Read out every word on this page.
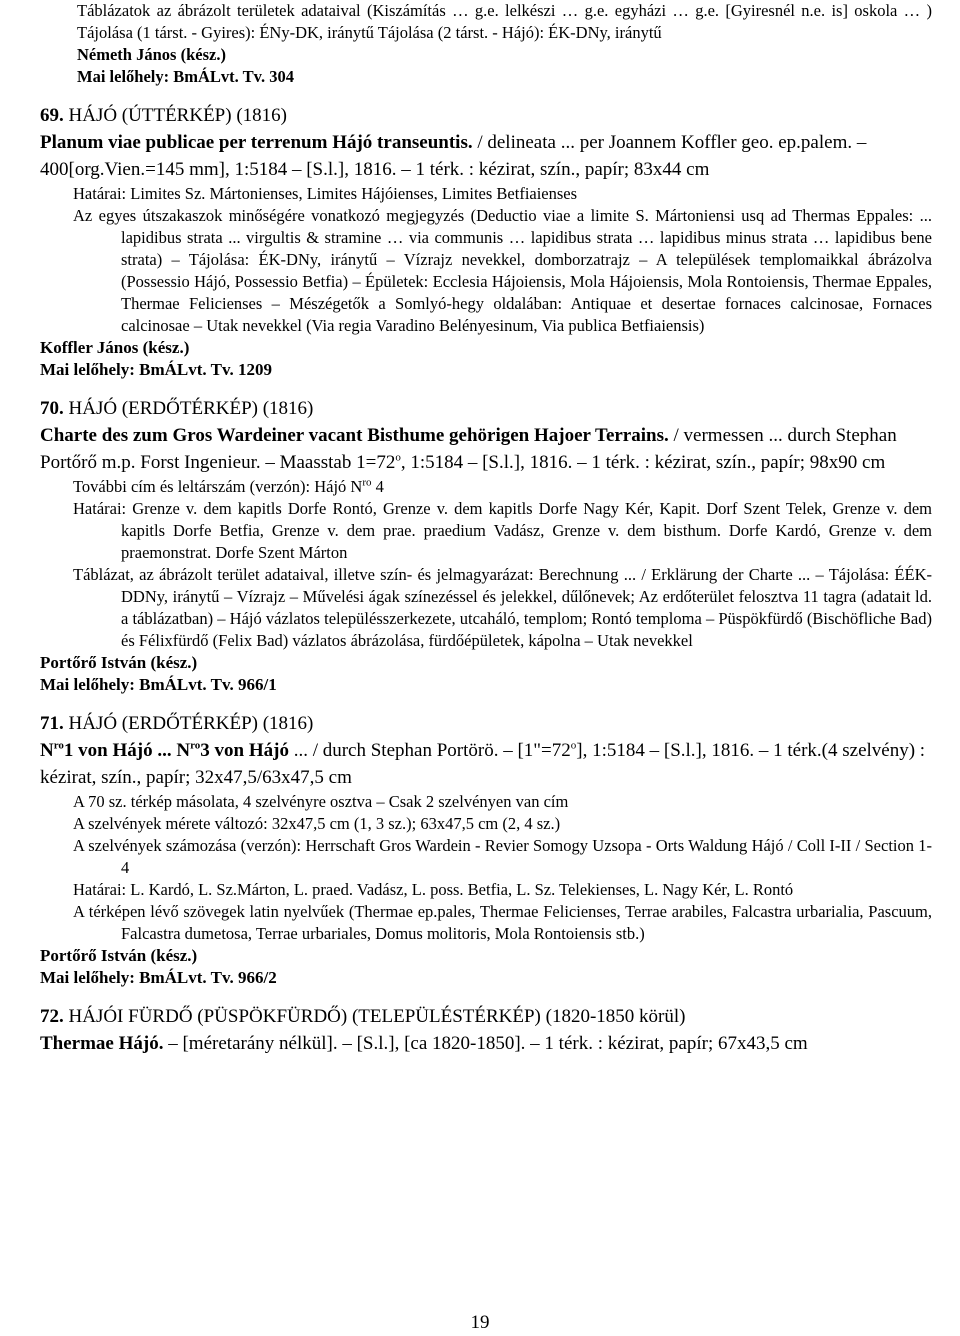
Táblázatok az ábrázolt területek adataival (Kiszámítás … g.e. lelkészi … g.e. egyházi … g.e. [Gyiresnél n.e. is] oskola … ) Tájolása (1 társt. - Gyires): ÉNy-DK, iránytű Tájolása (2 társt. - Hájó): ÉK-DNy, iránytű
Németh János (kész.)
Mai lelőhely: BmÁLvt. Tv. 304
69. HÁJÓ (ÚTTÉRKÉP) (1816)
Planum viae publicae per terrenum Hájó transeuntis. / delineata ... per Joannem Koffler geo. ep.palem. – 400[org.Vien.=145 mm], 1:5184 – [S.l.], 1816. – 1 térk. : kézirat, szín., papír; 83x44 cm

Határai: Limites Sz. Mártonienses, Limites Hájóienses, Limites Betfiaienses

Az egyes útszakaszok minőségére vonatkozó megjegyzés (Deductio viae a limite S. Mártoniensi usq ad Thermas Eppales: ... lapidibus strata ... virgultis & stramine … via communis … lapidibus strata … lapidibus minus strata … lapidibus bene strata) – Tájolása: ÉK-DNy, iránytű – Vízrajz nevekkel, domborzatrajz – A települések templomaikkal ábrázolva (Possessio Hájó, Possessio Betfia) – Épületek: Ecclesia Hájoiensis, Mola Hájoiensis, Mola Rontoiensis, Thermae Eppales, Thermae Felicienses – Mészégetők a Somlyó-hegy oldalában: Antiquae et desertae fornaces calcinosae, Fornaces calcinosae – Utak nevekkel (Via regia Varadino Belényesinum, Via publica Betfiaiensis)

Koffler János (kész.)
Mai lelőhely: BmÁLvt. Tv. 1209
70. HÁJÓ (ERDŐTÉRKÉP) (1816)
Charte des zum Gros Wardeiner vacant Bisthume gehörigen Hajoer Terrains. / vermessen ... durch Stephan Portőrő m.p. Forst Ingenieur. – Maasstab $1=72^o$, 1:5184 – [S.l.], 1816. – 1 térk. : kézirat, szín., papír; 98x90 cm

További cím és leltárszám (verzón): Hájó $N^{ro}$ 4

Határai: Grenze v. dem kapitls Dorfe Rontó, Grenze v. dem kapitls Dorfe Nagy Kér, Kapit. Dorf Szent Telek, Grenze v. dem kapitls Dorfe Betfia, Grenze v. dem prae. praedium Vadász, Grenze v. dem bisthum. Dorfe Kardó, Grenze v. dem praemonstrat. Dorfe Szent Márton

Táblázat, az ábrázolt terület adataival, illetve szín- és jelmagyarázat: Berechnung ... / Erklärung der Charte ... – Tájolása: ÉÉK-DDNy, iránytű – Vízrajz – Művelési ágak színezéssel és jelekkel, dűlőnevek; Az erdőterület felosztva 11 tagra (adatait ld. a táblázatban) – Hájó vázlatos településszerkezete, utcaháló, templom; Rontó temploma – Püspökfürdő (Bischöfliche Bad) és Félixfürdő (Felix Bad) vázlatos ábrázolása, fürdőépületek, kápolna – Utak nevekkel

Portőrő István (kész.)
Mai lelőhely: BmÁLvt. Tv. 966/1
71. HÁJÓ (ERDŐTÉRKÉP) (1816)
$N^{ro}1$ von Hájó ... $N^{ro}3$ von Hájó ... / durch Stephan Portörö. – $[1"=72^o]$, 1:5184 – [S.l.], 1816. – 1 térk.(4 szelvény) : kézirat, szín., papír; 32x47,5/63x47,5 cm

A 70 sz. térkép másolata, 4 szelvényre osztva – Csak 2 szelvényen van cím

A szelvények mérete változó: 32x47,5 cm (1, 3 sz.); 63x47,5 cm (2, 4 sz.)

A szelvények számozása (verzón): Herrschaft Gros Wardein - Revier Somogy Uzsopa - Orts Waldung Hájó / Coll I-II / Section 1-4

Határai: L. Kardó, L. Sz.Márton, L. praed. Vadász, L. poss. Betfia, L. Sz. Telekienses, L. Nagy Kér, L. Rontó

A térképen lévő szövegek latin nyelvűek (Thermae ep.pales, Thermae Felicienses, Terrae arabiles, Falcastra urbarialia, Pascuum, Falcastra dumetosa, Terrae urbariales, Domus molitoris, Mola Rontoiensis stb.)

Portőrő István (kész.)
Mai lelőhely: BmÁLvt. Tv. 966/2
72. HÁJÓI FÜRDŐ (PÜSPÖKFÜRDŐ) (TELEPÜLÉSTÉRKÉP) (1820-1850 körül)
Thermae Hájó. – [méretarány nélkül]. – [S.l.], [ca 1820-1850]. – 1 térk. : kézirat, papír; 67x43,5 cm
19
